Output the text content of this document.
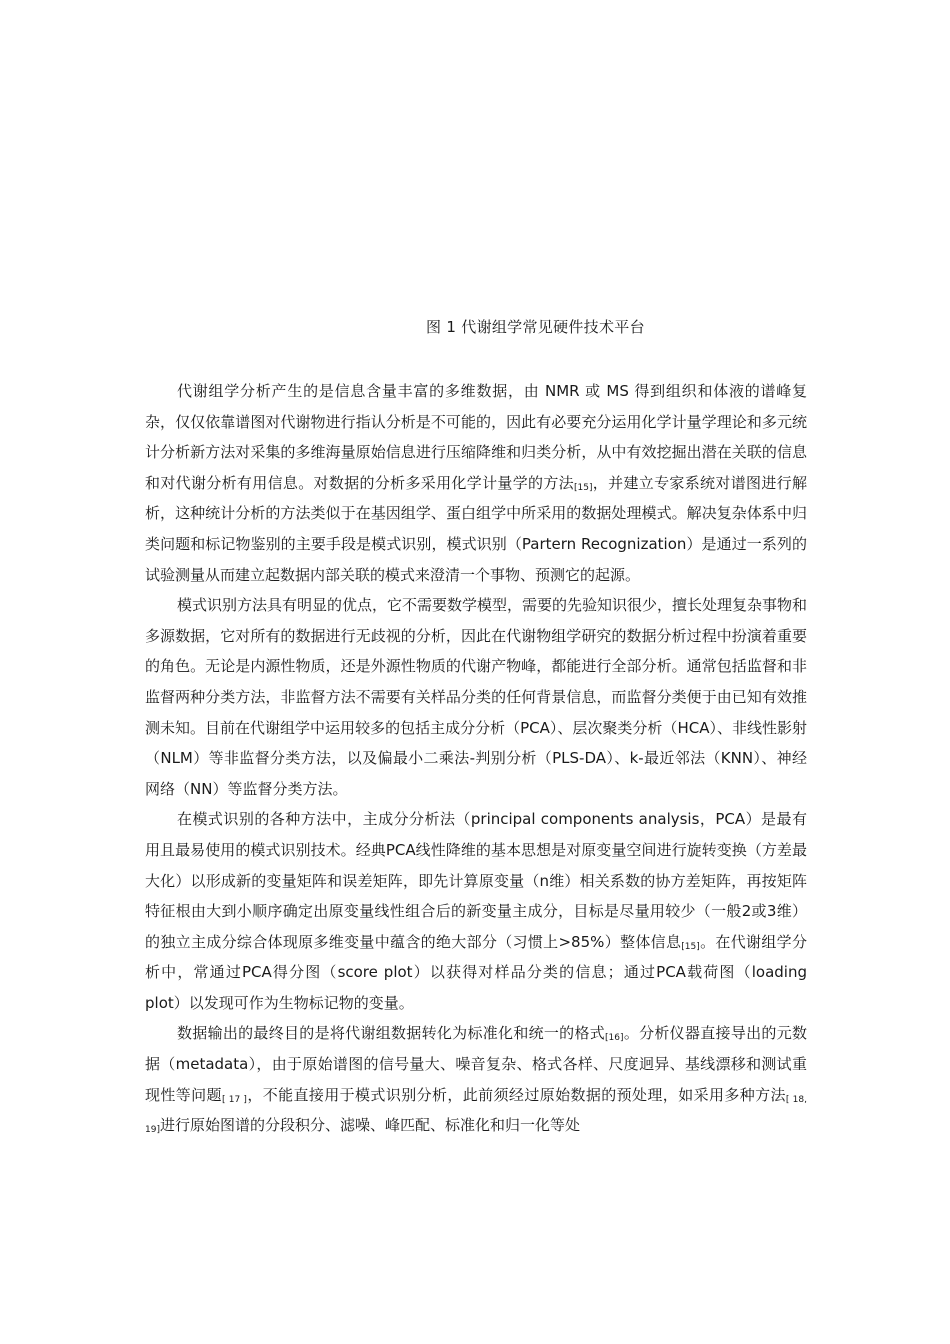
图 1 代谢组学常见硬件技术平台

代谢组学分析产生的是信息含量丰富的多维数据，由 NMR 或 MS 得到组织和体液的谱峰复杂，仅仅依靠谱图对代谢物进行指认分析是不可能的，因此有必要充分运用化学计量学理论和多元统计分析新方法对采集的多维海量原始信息进行压缩降维和归类分析，从中有效挖掘出潜在关联的信息和对代谢分析有用信息。对数据的分析多采用化学计量学的方法[15]，并建立专家系统对谱图进行解析，这种统计分析的方法类似于在基因组学、蛋白组学中所采用的数据处理模式。解决复杂体系中归类问题和标记物鉴别的主要手段是模式识别，模式识别（Partern Recognization）是通过一系列的试验测量从而建立起数据内部关联的模式来澄清一个事物、预测它的起源。

模式识别方法具有明显的优点，它不需要数学模型，需要的先验知识很少，擅长处理复杂事物和多源数据，它对所有的数据进行无歧视的分析，因此在代谢物组学研究的数据分析过程中扮演着重要的角色。无论是内源性物质，还是外源性物质的代谢产物峰，都能进行全部分析。通常包括监督和非监督两种分类方法，非监督方法不需要有关样品分类的任何背景信息，而监督分类便于由已知有效推测未知。目前在代谢组学中运用较多的包括主成分分析（PCA）、层次聚类分析（HCA）、非线性影射（NLM）等非监督分类方法，以及偏最小二乘法-判别分析（PLS-DA）、k-最近邻法（KNN）、神经网络（NN）等监督分类方法。

在模式识别的各种方法中，主成分分析法（principal components analysis，PCA）是最有用且最易使用的模式识别技术。经典PCA线性降维的基本思想是对原变量空间进行旋转变换（方差最大化）以形成新的变量矩阵和误差矩阵，即先计算原变量（n维）相关系数的协方差矩阵，再按矩阵特征根由大到小顺序确定出原变量线性组合后的新变量主成分，目标是尽量用较少（一般2或3维）的独立主成分综合体现原多维变量中蕴含的绝大部分（习惯上>85%）整体信息[15]。在代谢组学分析中，常通过PCA得分图（score plot）以获得对样品分类的信息；通过PCA载荷图（loading plot）以发现可作为生物标记物的变量。

数据输出的最终目的是将代谢组数据转化为标准化和统一的格式[16]。分析仪器直接导出的元数据（metadata），由于原始谱图的信号量大、噪音复杂、格式各样、尺度迥异、基线漂移和测试重现性等问题[ 17 ]，不能直接用于模式识别分析，此前须经过原始数据的预处理，如采用多种方法[ 18, 19]进行原始图谱的分段积分、滤噪、峰匹配、标准化和归一化等处
